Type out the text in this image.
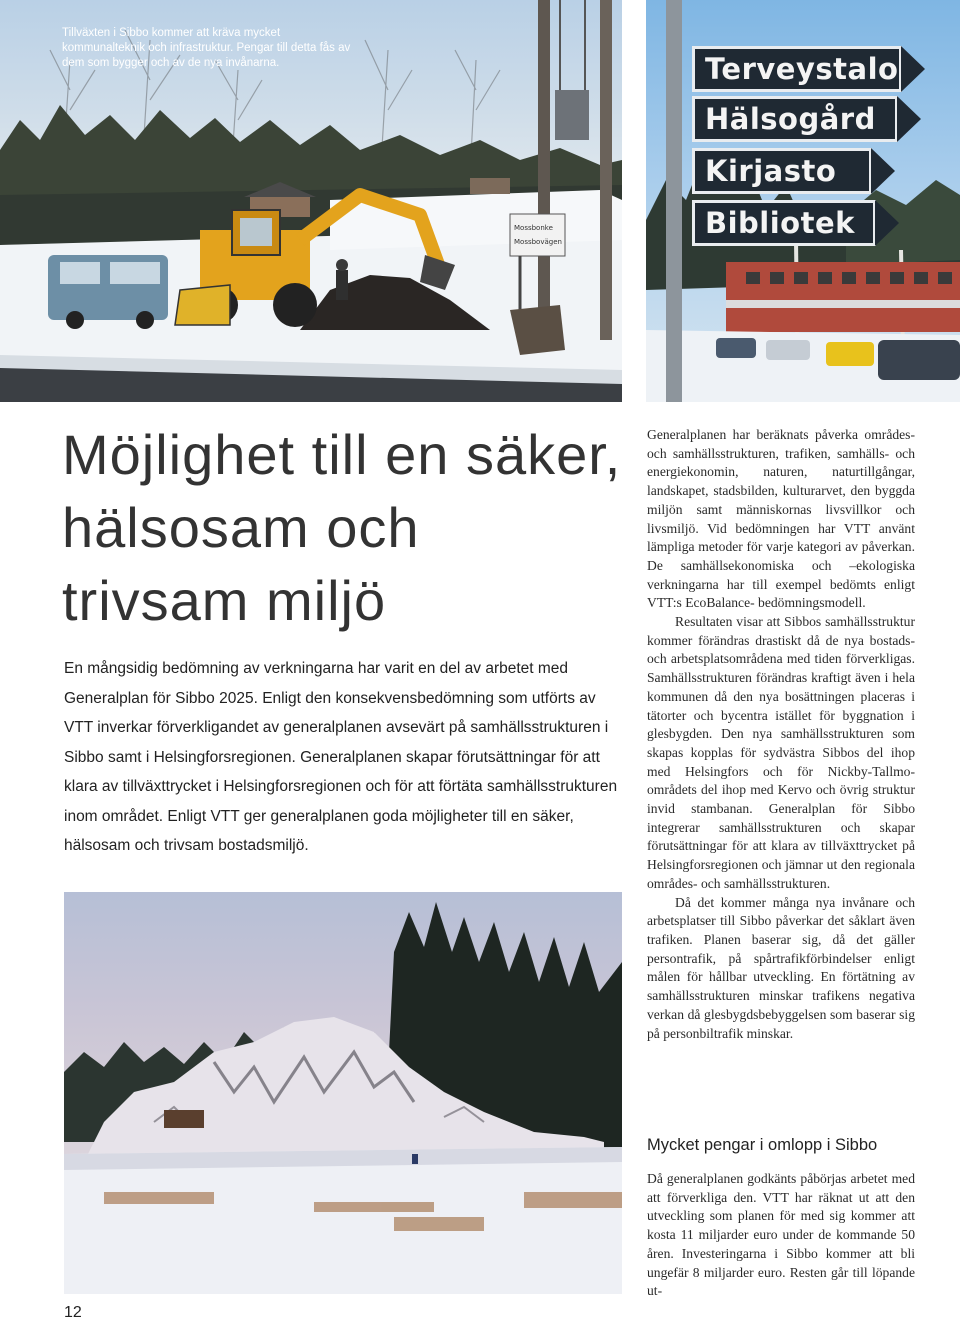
Mossbonke
Mossbovägen

Tillväxten i Sibbo kommer att kräva mycket kommunalteknik och infrastruktur. Pengar till detta fås av dem som bygger och av de nya invånarna.	Terveystalo
Hälsogård
Kirjasto
Bibliotek
Möjlighet till en säker, hälsosam och trivsam miljö

En mångsidig bedömning av verkningarna har varit en del av arbetet med Generalplan för Sibbo 2025. Enligt den konsekvensbedömning som utförts av VTT inverkar förverkligandet av generalplanen avsevärt på samhällsstrukturen i Sibbo samt i Helsingforsregionen. Generalplanen skapar förutsättningar för att klara av tillväxttrycket i Helsingforsregionen och för att förtäta samhällsstrukturen inom området. Enligt VTT ger generalplanen goda möjligheter till en säker, hälsosam och trivsam bostadsmiljö.

Generalplanen har beräknats påverka områdes- och samhällsstrukturen, trafiken, samhälls- och energiekonomin, naturen, naturtillgångar, landskapet, stadsbilden, kulturarvet, den byggda miljön samt människornas livsvillkor och livsmiljö. Vid bedömningen har VTT använt lämpliga metoder för varje kategori av påverkan. De samhällsekonomiska och –ekologiska verkningarna har till exempel bedömts enligt VTT:s EcoBalance- bedömningsmodell.

Resultaten visar att Sibbos samhällsstruktur kommer förändras drastiskt då de nya bostads- och arbetsplatsområdena med tiden förverkligas. Samhällsstrukturen förändras kraftigt även i hela kommunen då den nya bosättningen placeras i tätorter och bycentra istället för byggnation i glesbygden. Den nya samhällsstrukturen som skapas kopplas för sydvästra Sibbos del ihop med Helsingfors och för Nickby-Tallmo-områdets del ihop med Kervo och övrig struktur invid stambanan. Generalplan för Sibbo integrerar samhällsstrukturen och skapar förutsättningar för att klara av tillväxttrycket på Helsingforsregionen och jämnar ut den regionala områdes- och samhällsstrukturen.

Då det kommer många nya invånare och arbetsplatser till Sibbo påverkar det såklart även trafiken. Planen baserar sig, då det gäller persontrafik, på spårtrafikförbindelser enligt målen för hållbar utveckling. En förtätning av samhällsstrukturen minskar trafikens negativa verkan då glesbygdsbebyggelsen som baserar sig på personbiltrafik minskar.

Mycket pengar i omlopp i Sibbo

Då generalplanen godkänts påbörjas arbetet med att förverkliga den. VTT har räknat ut att den utveckling som planen för med sig kommer att kosta 11 miljarder euro under de kommande 50 åren. Investeringarna i Sibbo kommer att bli ungefär 8 miljarder euro. Resten går till löpande ut-

12
